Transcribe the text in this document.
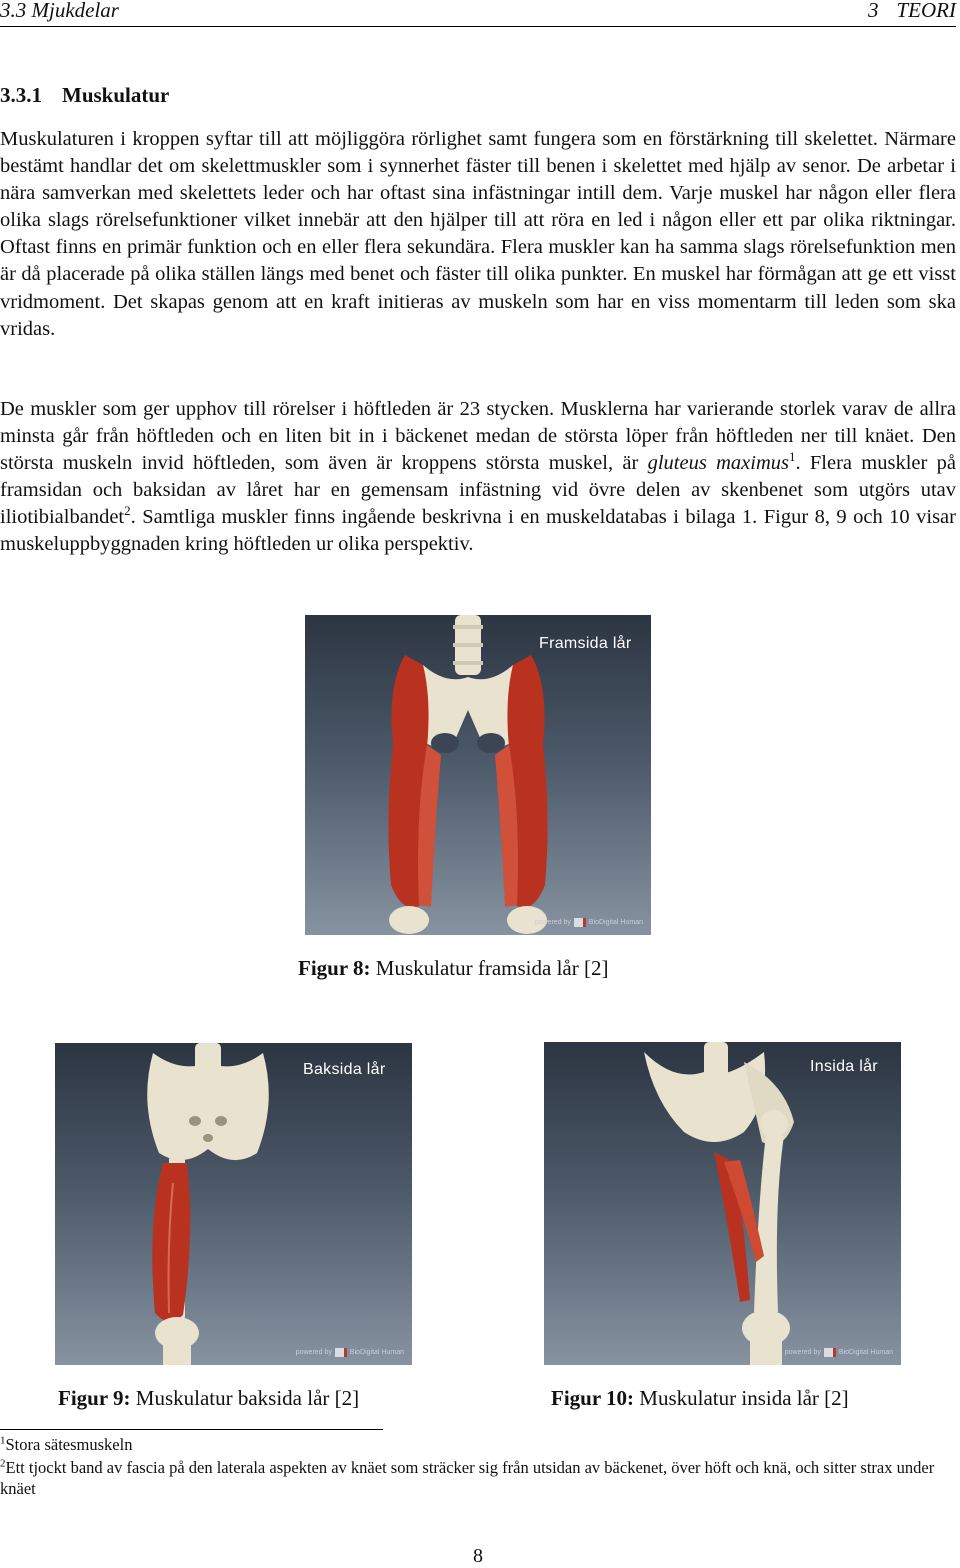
3.3 Mjukdelar	3 TEORI
3.3.1 Muskulatur

Muskulaturen i kroppen syftar till att möjliggöra rörlighet samt fungera som en förstärkning till skelettet. Närmare bestämt handlar det om skelettmuskler som i synnerhet fäster till benen i skelettet med hjälp av senor. De arbetar i nära samverkan med skelettets leder och har oftast sina infästningar intill dem. Varje muskel har någon eller flera olika slags rörelsefunktioner vilket innebär att den hjälper till att röra en led i någon eller ett par olika riktningar. Oftast finns en primär funktion och en eller flera sekundära. Flera muskler kan ha samma slags rörelsefunktion men är då placerade på olika ställen längs med benet och fäster till olika punkter. En muskel har förmågan att ge ett visst vridmoment. Det skapas genom att en kraft initieras av muskeln som har en viss momentarm till leden som ska vridas.

De muskler som ger upphov till rörelser i höftleden är 23 stycken. Musklerna har varierande storlek varav de allra minsta går från höftleden och en liten bit in i bäckenet medan de största löper från höftleden ner till knäet. Den största muskeln invid höftleden, som även är kroppens största muskel, är gluteus maximus$^1$. Flera muskler på framsidan och baksidan av låret har en gemensam infästning vid övre delen av skenbenet som utgörs utav iliotibialbandet$^2$. Samtliga muskler finns ingående beskrivna i en muskeldatabas i bilaga 1. Figur 8, 9 och 10 visar muskeluppbyggnaden kring höftleden ur olika perspektiv.

Framsida lår
powered by	BioDigital Human
Figur 8: Muskulatur framsida lår [2]
Baksida lår
powered by	BioDigital Human
Figur 9: Muskulatur baksida lår [2]
Insida lår
powered by	BioDigital Human
Figur 10: Muskulatur insida lår [2]
$^1$Stora sätesmuskeln
$^2$Ett tjockt band av fascia på den laterala aspekten av knäet som sträcker sig från utsidan av bäckenet, över höft och knä, och sitter strax under knäet
8
